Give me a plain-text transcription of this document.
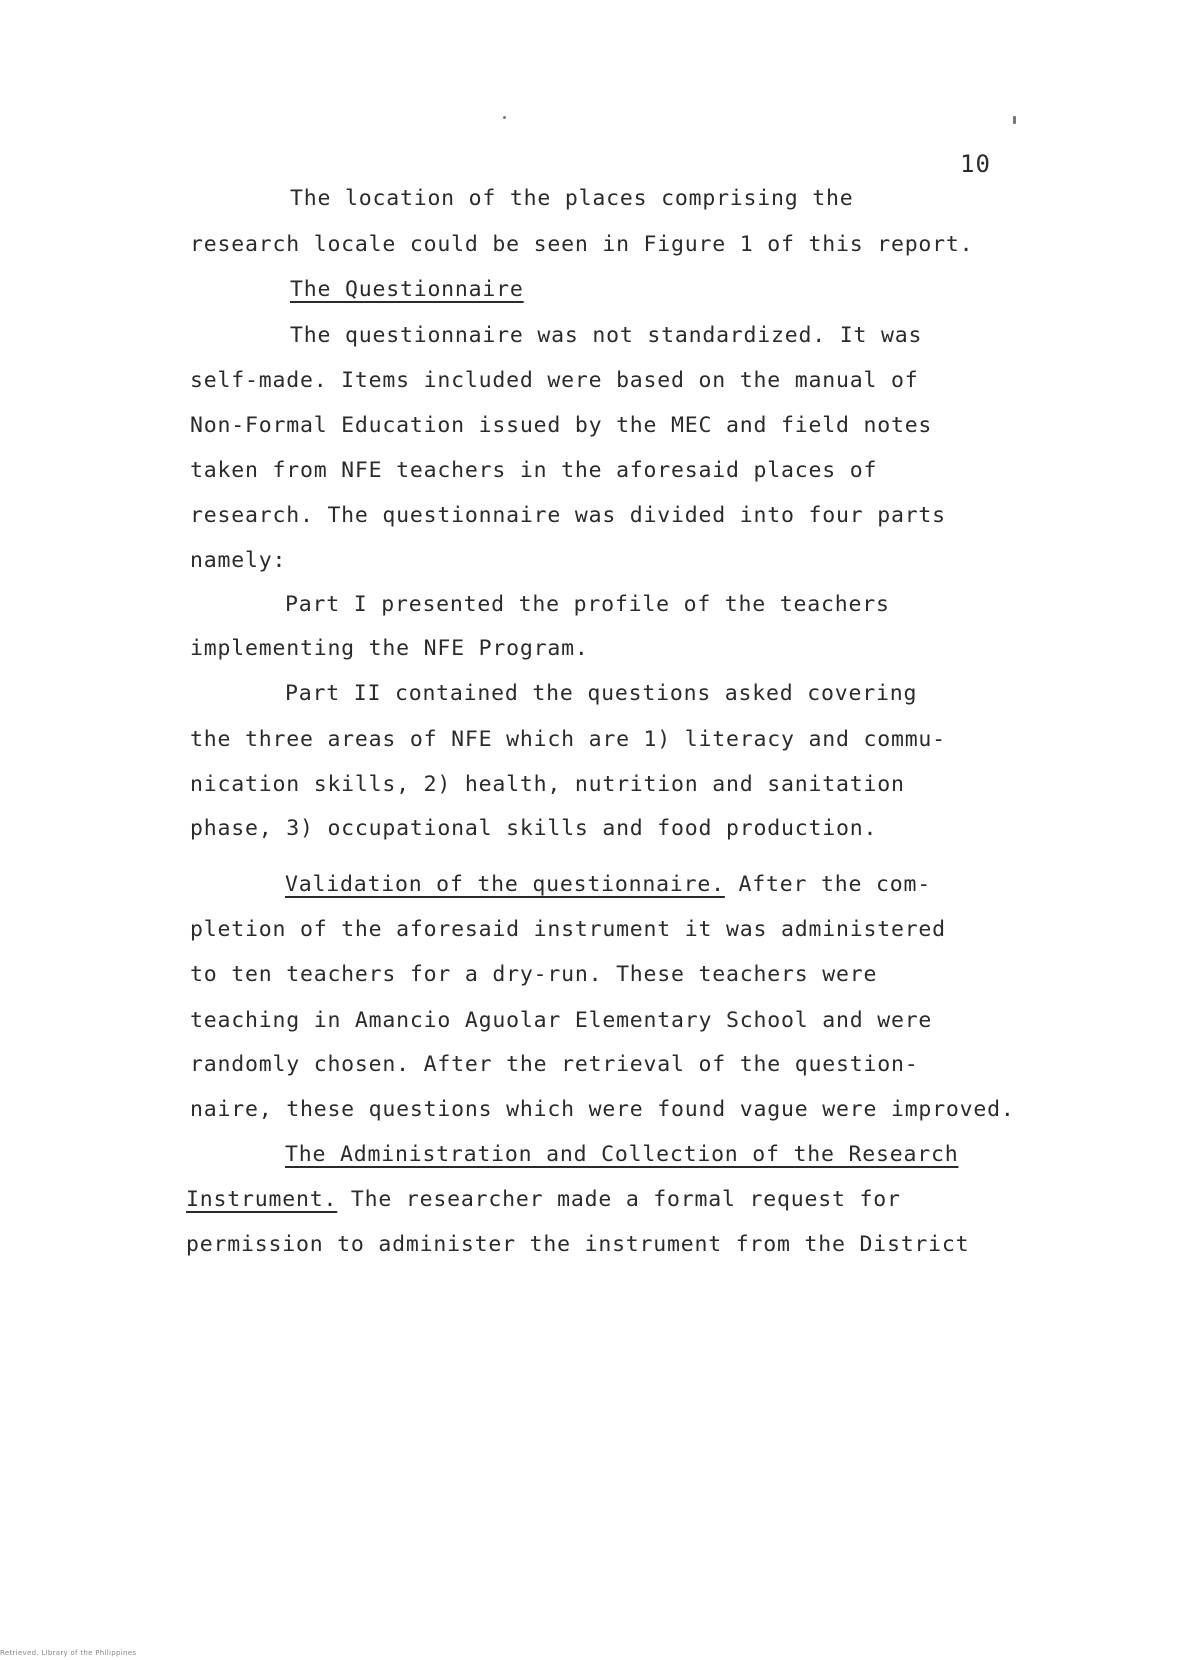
10
The location of the places comprising the
research locale could be seen in Figure 1 of this report.
The Questionnaire
The questionnaire was not standardized. It was
self-made. Items included were based on the manual of
Non-Formal Education issued by the MEC and field notes
taken from NFE teachers in the aforesaid places of
research. The questionnaire was divided into four parts
namely:
Part I presented the profile of the teachers
implementing the NFE Program.
Part II contained the questions asked covering
the three areas of NFE which are 1) literacy and commu-
nication skills, 2) health, nutrition and sanitation
phase, 3) occupational skills and food production.
Validation of the questionnaire. After the com-
pletion of the aforesaid instrument it was administered
to ten teachers for a dry-run. These teachers were
teaching in Amancio Aguolar Elementary School and were
randomly chosen. After the retrieval of the question-
naire, these questions which were found vague were improved.
The Administration and Collection of the Research
Instrument. The researcher made a formal request for
permission to administer the instrument from the District
Retrieved. Library of the Philippines
